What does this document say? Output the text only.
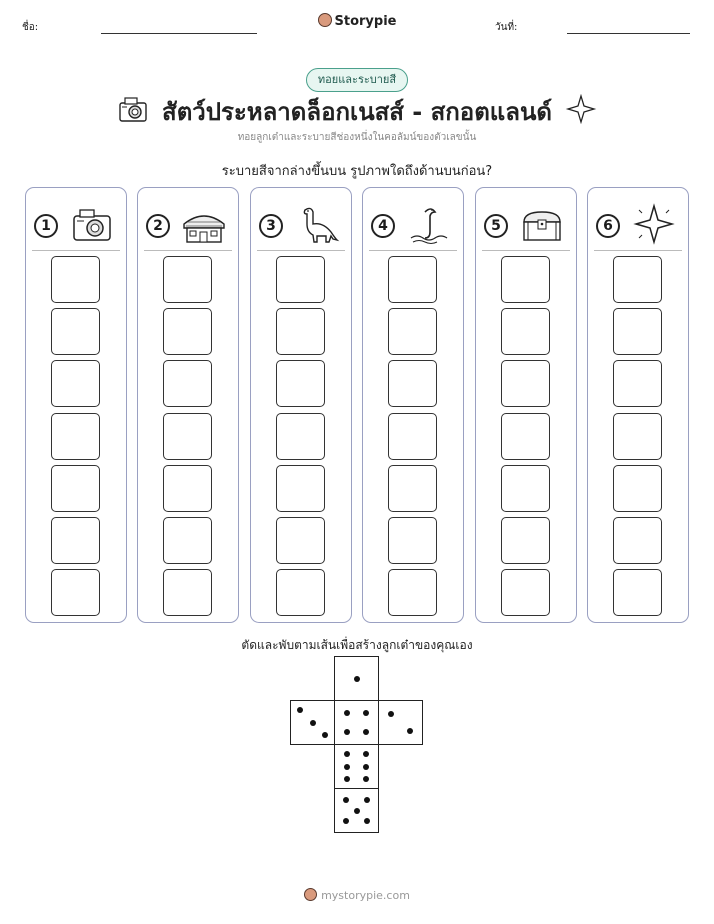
ชื่อ:	Storypie	วันที่:
ทอยและระบายสี
สัตว์ประหลาดล็อกเนสส์ - สกอตแลนด์
ทอยลูกเต๋าและระบายสีช่องหนึ่งในคอลัมน์ของตัวเลขนั้น
ระบายสีจากล่างขึ้นบน รูปภาพใดถึงด้านบนก่อน?
1	2	3	4	5	6
ตัดและพับตามเส้นเพื่อสร้างลูกเต๋าของคุณเอง
mystorypie.com
